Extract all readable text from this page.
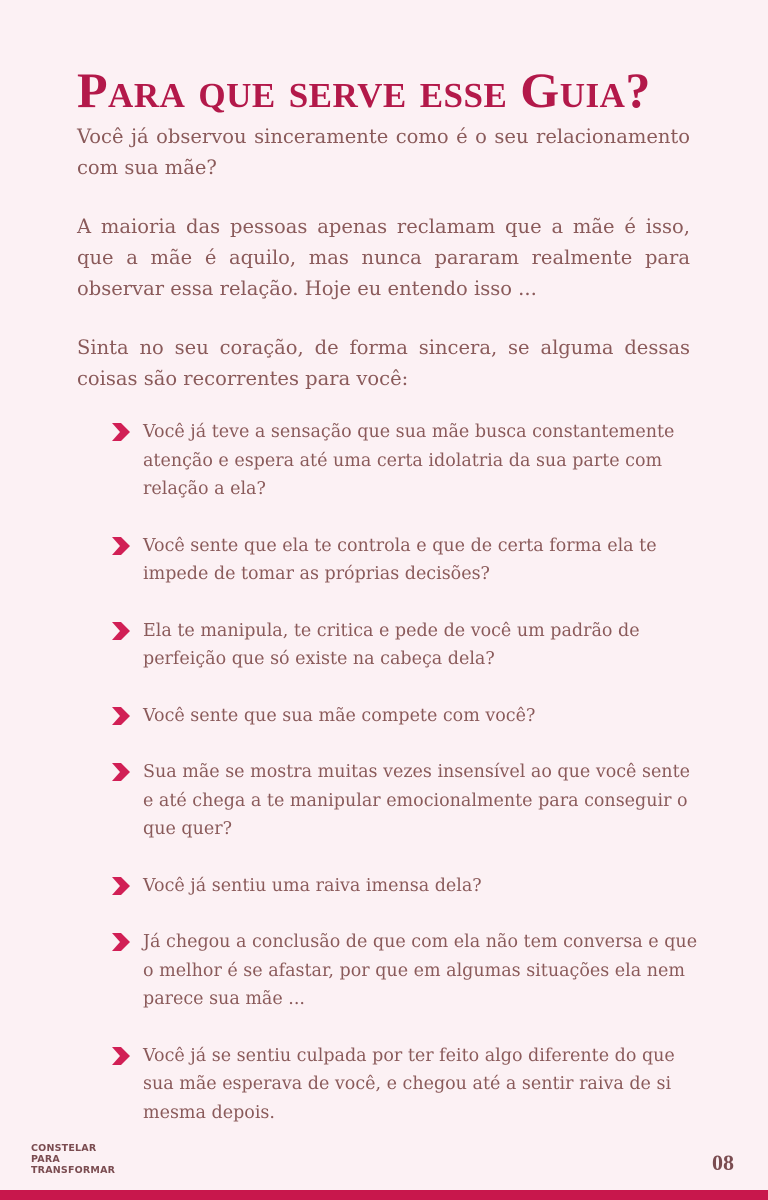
Para que serve esse Guia?

Você já observou sinceramente como é o seu relacionamento com sua mãe?

A maioria das pessoas apenas reclamam que a mãe é isso, que a mãe é aquilo, mas nunca pararam realmente para observar essa relação. Hoje eu entendo isso ...

Sinta no seu coração, de forma sincera, se alguma dessas coisas são recorrentes para você:

Você já teve a sensação que sua mãe busca constantemente atenção e espera até uma certa idolatria da sua parte com relação a ela?
Você sente que ela te controla e que de certa forma ela te impede de tomar as próprias decisões?
Ela te manipula, te critica e pede de você um padrão de perfeição que só existe na cabeça dela?
Você sente que sua mãe compete com você?
Sua mãe se mostra muitas vezes insensível ao que você sente e até chega a te manipular emocionalmente para conseguir o que quer?
Você já sentiu uma raiva imensa dela?
Já chegou a conclusão de que com ela não tem conversa e que o melhor é se afastar, por que em algumas situações ela nem parece sua mãe ...
Você já se sentiu culpada por ter feito algo diferente do que sua mãe esperava de você, e chegou até a sentir raiva de si mesma depois.
CONSTELAR
PARA
TRANSFORMAR	08
